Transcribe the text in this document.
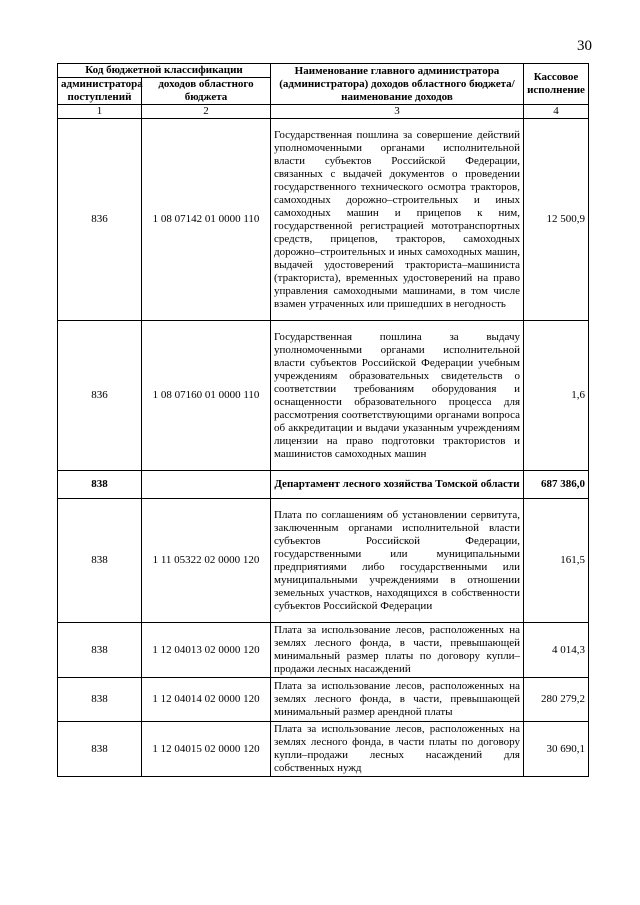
30
Код бюджетной классификации		Наименование главного администратора (администратора) доходов областного бюджета/ наименование доходов	Кассовое исполнение
администратора поступлений	доходов областного бюджета		
1	2	3	4
836	1 08 07142 01 0000 110	Государственная пошлина за совершение действий уполномоченными органами исполнительной власти субъектов Российской Федерации, связанных с выдачей документов о проведении государственного технического осмотра тракторов, самоходных дорожно–строительных и иных самоходных машин и прицепов к ним, государственной регистрацией мототранспортных средств, прицепов, тракторов, самоходных дорожно–строительных и иных самоходных машин, выдачей удостоверений тракториста–машиниста (тракториста), временных удостоверений на право управления самоходными машинами, в том числе взамен утраченных или пришедших в негодность	12 500,9
836	1 08 07160 01 0000 110	Государственная пошлина за выдачу уполномоченными органами исполнительной власти субъектов Российской Федерации учебным учреждениям образовательных свидетельств о соответствии требованиям оборудования и оснащенности образовательного процесса для рассмотрения соответствующими органами вопроса об аккредитации и выдачи указанным учреждениям лицензии на право подготовки трактористов и машинистов самоходных машин	1,6
838		Департамент лесного хозяйства Томской области	687 386,0
838	1 11 05322 02 0000 120	Плата по соглашениям об установлении сервитута, заключенным органами исполнительной власти субъектов Российской Федерации, государственными или муниципальными предприятиями либо государственными или муниципальными учреждениями в отношении земельных участков, находящихся в собственности субъектов Российской Федерации	161,5
838	1 12 04013 02 0000 120	Плата за использование лесов, расположенных на землях лесного фонда, в части, превышающей минимальный размер платы по договору купли–продажи лесных насаждений	4 014,3
838	1 12 04014 02 0000 120	Плата за использование лесов, расположенных на землях лесного фонда, в части, превышающей минимальный размер арендной платы	280 279,2
838	1 12 04015 02 0000 120	Плата за использование лесов, расположенных на землях лесного фонда, в части платы по договору купли–продажи лесных насаждений для собственных нужд	30 690,1
